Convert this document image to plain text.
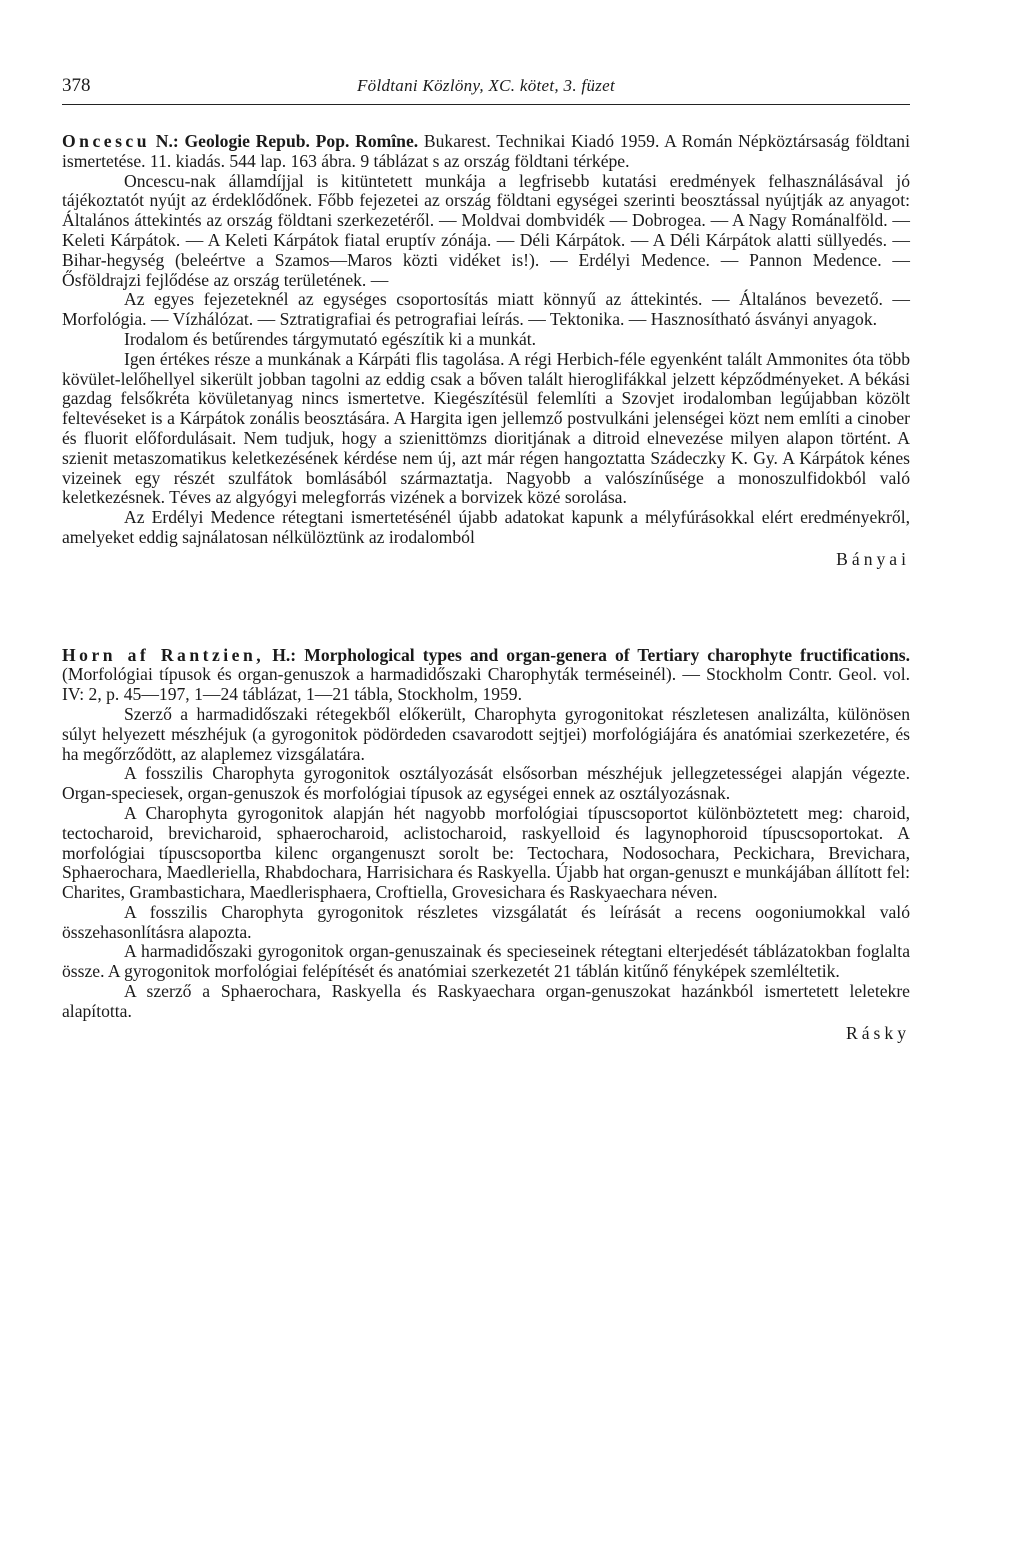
378	Földtani Közlöny, XC. kötet, 3. füzet

Oncescu N.: Geologie Repub. Pop. Romîne. Bukarest. Technikai Kiadó 1959. A Román Népköztársaság földtani ismertetése. 11. kiadás. 544 lap. 163 ábra. 9 táblázat s az ország földtani térképe.

Oncescu-nak államdíjjal is kitüntetett munkája a legfrisebb kutatási eredmények felhasználásával jó tájékoztatót nyújt az érdeklődőnek. Főbb fejezetei az ország földtani egységei szerinti beosztással nyújtják az anyagot: Általános áttekintés az ország földtani szerkezetéről. — Moldvai dombvidék — Dobrogea. — A Nagy Románalföld. — Keleti Kárpátok. — A Keleti Kárpátok fiatal eruptív zónája. — Déli Kárpátok. — A Déli Kárpátok alatti süllyedés. — Bihar-hegység (beleértve a Szamos—Maros közti vidéket is!). — Erdélyi Medence. — Pannon Medence. — Ősföldrajzi fejlődése az ország területének. —

Az egyes fejezeteknél az egységes csoportosítás miatt könnyű az áttekintés. — Általános bevezető. — Morfológia. — Vízhálózat. — Sztratigrafiai és petrografiai leírás. — Tektonika. — Hasznosítható ásványi anyagok.

Irodalom és betűrendes tárgymutató egészítik ki a munkát.

Igen értékes része a munkának a Kárpáti flis tagolása. A régi Herbich-féle egyenként talált Ammonites óta több kövület-lelőhellyel sikerült jobban tagolni az eddig csak a bőven talált hieroglifákkal jelzett képződményeket. A békási gazdag felsőkréta kövületanyag nincs ismertetve. Kiegészítésül felemlíti a Szovjet irodalomban legújabban közölt feltevéseket is a Kárpátok zonális beosztására. A Hargita igen jellemző postvulkáni jelenségei közt nem említi a cinober és fluorit előfordulásait. Nem tudjuk, hogy a szienittömzs dioritjának a ditroid elnevezése milyen alapon történt. A szienit metaszomatikus keletkezésének kérdése nem új, azt már régen hangoztatta Szádeczky K. Gy. A Kárpátok kénes vizeinek egy részét szulfátok bomlásából származtatja. Nagyobb a valószínűsége a monoszulfidokból való keletkezésnek. Téves az algyógyi melegforrás vizének a borvizek közé sorolása.

Az Erdélyi Medence rétegtani ismertetésénél újabb adatokat kapunk a mélyfúrásokkal elért eredményekről, amelyeket eddig sajnálatosan nélkülöztünk az irodalomból

Bányai

Horn af Rantzien, H.: Morphological types and organ-genera of Tertiary charophyte fructifications. (Morfológiai típusok és organ-genuszok a harmadidőszaki Charophyták terméseinél). — Stockholm Contr. Geol. vol. IV: 2, p. 45—197, 1—24 táblázat, 1—21 tábla, Stockholm, 1959.

Szerző a harmadidőszaki rétegekből előkerült, Charophyta gyrogonitokat részletesen analizálta, különösen súlyt helyezett mészhéjuk (a gyrogonitok pödördeden csavarodott sejtjei) morfológiájára és anatómiai szerkezetére, és ha megőrződött, az alaplemez vizsgálatára.

A fosszilis Charophyta gyrogonitok osztályozását elsősorban mészhéjuk jellegzetességei alapján végezte. Organ-speciesek, organ-genuszok és morfológiai típusok az egységei ennek az osztályozásnak.

A Charophyta gyrogonitok alapján hét nagyobb morfológiai típuscsoportot különböztetett meg: charoid, tectocharoid, brevicharoid, sphaerocharoid, aclistocharoid, raskyelloid és lagynophoroid típuscsoportokat. A morfológiai típuscsoportba kilenc organgenuszt sorolt be: Tectochara, Nodosochara, Peckichara, Brevichara, Sphaerochara, Maedleriella, Rhabdochara, Harrisichara és Raskyella. Újabb hat organ-genuszt e munkájában állított fel: Charites, Grambastichara, Maedlerisphaera, Croftiella, Grovesichara és Raskyaechara néven.

A fosszilis Charophyta gyrogonitok részletes vizsgálatát és leírását a recens oogoniumokkal való összehasonlításra alapozta.

A harmadidőszaki gyrogonitok organ-genuszainak és specieseinek rétegtani elterjedését táblázatokban foglalta össze. A gyrogonitok morfológiai felépítését és anatómiai szerkezetét 21 táblán kitűnő fényképek szemléltetik.

A szerző a Sphaerochara, Raskyella és Raskyaechara organ-genuszokat hazánkból ismertetett leletekre alapította.

Rásky
